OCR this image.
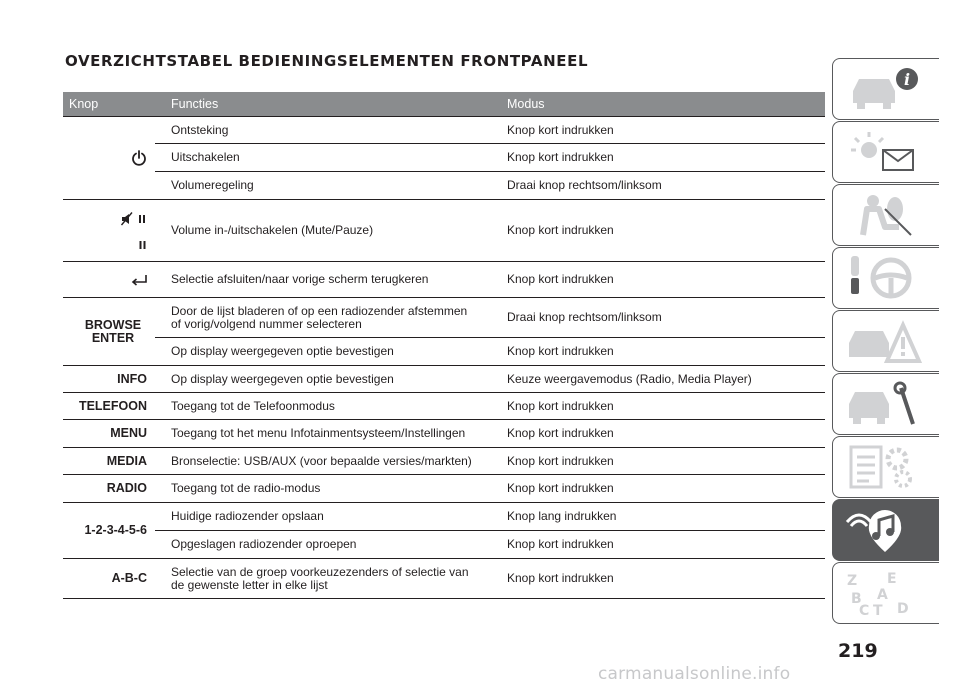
OVERZICHTSTABEL BEDIENINGSELEMENTEN FRONTPANEEL
Knop	Functies	Modus
	Ontsteking	Knop kort indrukken
	Uitschakelen	Knop kort indrukken
	Volumeregeling	Draai knop rechtsom/linksom

	Volume in-/uitschakelen (Mute/Pauze)	Knop kort indrukken
	Selectie afsluiten/naar vorige scherm terugkeren	Knop kort indrukken

BROWSE
ENTER	Door de lijst bladeren of op een radiozender afstemmen of vorig/volgend nummer selecteren	Draai knop rechtsom/linksom
	Op display weergegeven optie bevestigen	Knop kort indrukken
INFO	Op display weergegeven optie bevestigen	Keuze weergavemodus (Radio, Media Player)
TELEFOON	Toegang tot de Telefoonmodus	Knop kort indrukken
MENU	Toegang tot het menu Infotainmentsysteem/Instellingen	Knop kort indrukken
MEDIA	Bronselectie: USB/AUX (voor bepaalde versies/markten)	Knop kort indrukken
RADIO	Toegang tot de radio-modus	Knop kort indrukken
1-2-3-4-5-6	Huidige radiozender opslaan	Knop lang indrukken
	Opgeslagen radiozender oproepen	Knop kort indrukken
A-B-C	Selectie van de groep voorkeuzezenders of selectie van de gewenste letter in elke lijst	Knop kort indrukken
i
Z E
B A
C D
T
219
carmanualsonline.info
